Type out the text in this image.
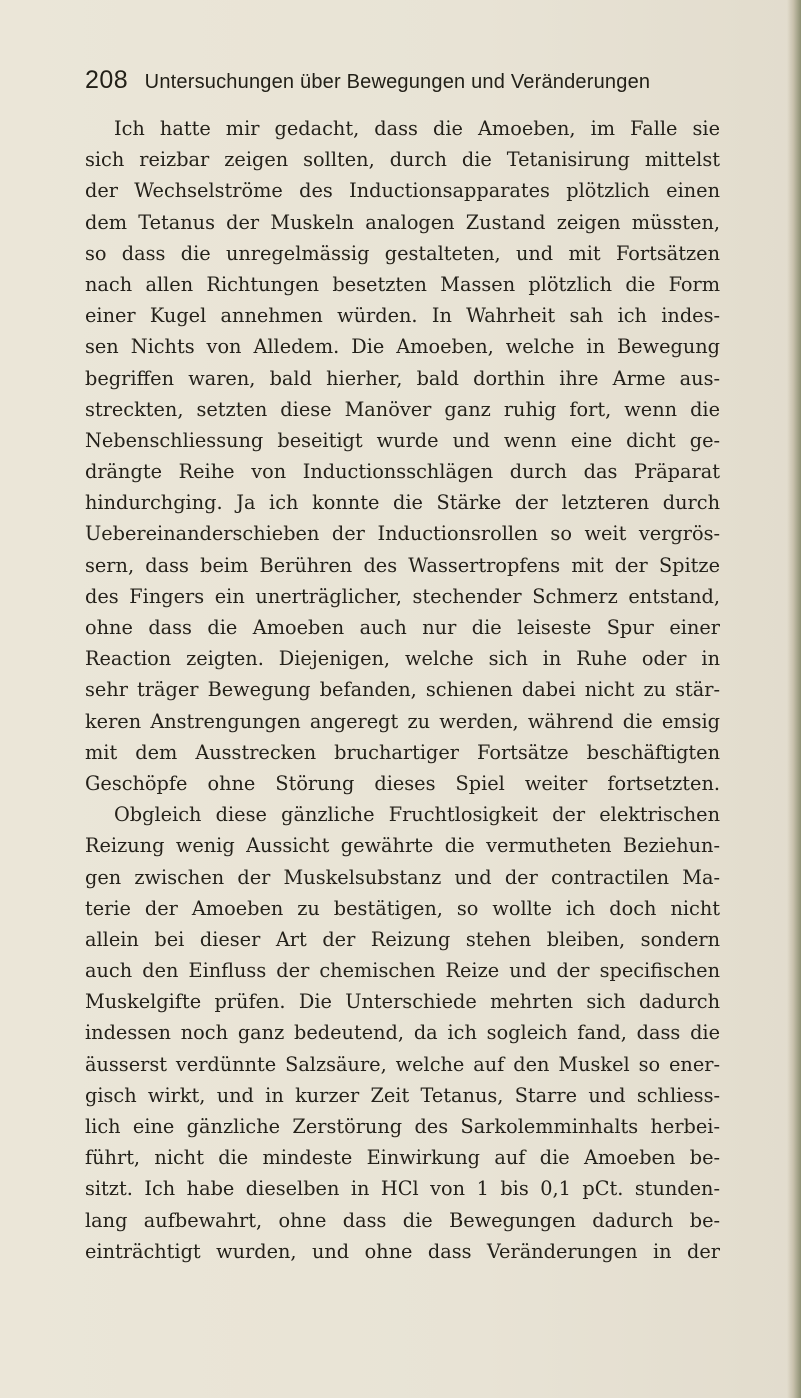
208 Untersuchungen über Bewegungen und Veränderungen
Ich hatte mir gedacht, dass die Amoeben, im Falle sie
sich reizbar zeigen sollten, durch die Tetanisirung mittelst
der Wechselströme des Inductionsapparates plötzlich einen
dem Tetanus der Muskeln analogen Zustand zeigen müssten,
so dass die unregelmässig gestalteten, und mit Fortsätzen
nach allen Richtungen besetzten Massen plötzlich die Form
einer Kugel annehmen würden. In Wahrheit sah ich indes-
sen Nichts von Alledem. Die Amoeben, welche in Bewegung
begriffen waren, bald hierher, bald dorthin ihre Arme aus-
streckten, setzten diese Manöver ganz ruhig fort, wenn die
Nebenschliessung beseitigt wurde und wenn eine dicht ge-
drängte Reihe von Inductionsschlägen durch das Präparat
hindurchging. Ja ich konnte die Stärke der letzteren durch
Uebereinanderschieben der Inductionsrollen so weit vergrös-
sern, dass beim Berühren des Wassertropfens mit der Spitze
des Fingers ein unerträglicher, stechender Schmerz entstand,
ohne dass die Amoeben auch nur die leiseste Spur einer
Reaction zeigten. Diejenigen, welche sich in Ruhe oder in
sehr träger Bewegung befanden, schienen dabei nicht zu stär-
keren Anstrengungen angeregt zu werden, während die emsig
mit dem Ausstrecken bruchartiger Fortsätze beschäftigten
Geschöpfe ohne Störung dieses Spiel weiter fortsetzten.
Obgleich diese gänzliche Fruchtlosigkeit der elektrischen
Reizung wenig Aussicht gewährte die vermutheten Beziehun-
gen zwischen der Muskelsubstanz und der contractilen Ma-
terie der Amoeben zu bestätigen, so wollte ich doch nicht
allein bei dieser Art der Reizung stehen bleiben, sondern
auch den Einfluss der chemischen Reize und der specifischen
Muskelgifte prüfen. Die Unterschiede mehrten sich dadurch
indessen noch ganz bedeutend, da ich sogleich fand, dass die
äusserst verdünnte Salzsäure, welche auf den Muskel so ener-
gisch wirkt, und in kurzer Zeit Tetanus, Starre und schliess-
lich eine gänzliche Zerstörung des Sarkolemminhalts herbei-
führt, nicht die mindeste Einwirkung auf die Amoeben be-
sitzt. Ich habe dieselben in HCl von 1 bis 0,1 pCt. stunden-
lang aufbewahrt, ohne dass die Bewegungen dadurch be-
einträchtigt wurden, und ohne dass Veränderungen in der
